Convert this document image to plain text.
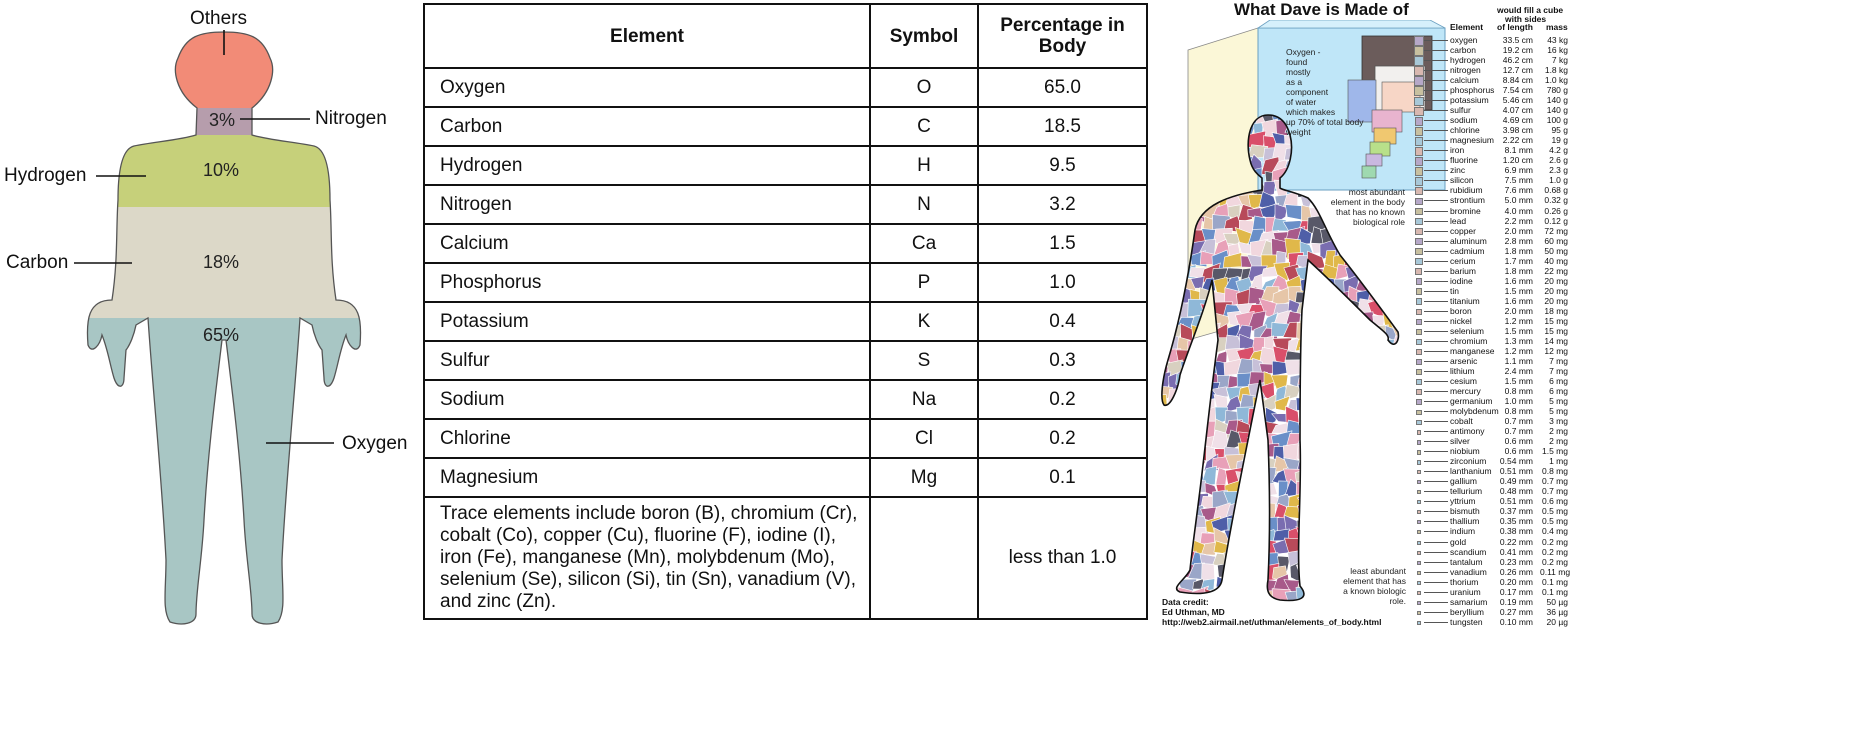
Others
Nitrogen
Hydrogen
Carbon
Oxygen
3%
10%
18%
65%
Element	Symbol	Percentage in Body
Oxygen	O	65.0
Carbon	C	18.5
Hydrogen	H	9.5
Nitrogen	N	3.2
Calcium	Ca	1.5
Phosphorus	P	1.0
Potassium	K	0.4
Sulfur	S	0.3
Sodium	Na	0.2
Chlorine	Cl	0.2
Magnesium	Mg	0.1
Trace elements include boron (B), chromium (Cr), cobalt (Co), copper (Cu), fluorine (F), iodine (I), iron (Fe), manganese (Mn), molybdenum (Mo), selenium (Se), silicon (Si), tin (Sn), vanadium (V), and zinc (Zn).		less than 1.0
What Dave is Made of	would fill a cube
with sides
Element of length mass
oxygen	33.5 cm	43 kg
carbon	19.2 cm	16 kg
hydrogen	46.2 cm	7 kg
nitrogen	12.7 cm	1.8 kg
calcium	8.84 cm	1.0 kg
phosphorus 7.54 cm	780 g
potassium	5.46 cm	140 g
sulfur	4.07 cm	140 g
sodium	4.69 cm	100 g
chlorine	3.98 cm	95 g
magnesium	2.22 cm	19 g
iron	8.1 mm	4.2 g
fluorine	1.20 cm	2.6 g
zinc	6.9 mm	2.3 g
silicon	7.5 mm	1.0 g
rubidium	7.6 mm	0.68 g
strontium	5.0 mm	0.32 g
bromine	4.0 mm	0.26 g
lead	2.2 mm	0.12 g
copper	2.0 mm	72 mg
aluminum	2.8 mm	60 mg
cadmium	1.8 mm	50 mg
cerium	1.7 mm	40 mg
barium	1.8 mm	22 mg
iodine	1.6 mm	20 mg
tin	1.5 mm	20 mg
titanium	1.6 mm	20 mg
boron	2.0 mm	18 mg
nickel	1.2 mm	15 mg
selenium	1.5 mm	15 mg
chromium	1.3 mm	14 mg
manganese	1.2 mm	12 mg
arsenic	1.1 mm	7 mg
lithium	2.4 mm	7 mg
cesium	1.5 mm	6 mg
mercury	0.8 mm	6 mg
germanium	1.0 mm	5 mg
molybdenum 0.8 mm	5 mg
cobalt	0.7 mm	3 mg
antimony	0.7 mm	2 mg
silver	0.6 mm	2 mg
niobium	0.6 mm 1.5 mg
zirconium	0.54 mm	1 mg
lanthanium 0.51 mm 0.8 mg
gallium	0.49 mm 0.7 mg
tellurium	0.48 mm 0.7 mg
yttrium	0.51 mm 0.6 mg
bismuth	0.37 mm 0.5 mg
thallium	0.35 mm 0.5 mg
indium	0.38 mm 0.4 mg
gold	0.22 mm 0.2 mg
scandium	0.41 mm 0.2 mg
tantalum	0.23 mm 0.2 mg
vanadium	0.26 mm 0.11 mg
thorium	0.20 mm 0.1 mg
uranium	0.17 mm 0.1 mg
samarium	0.19 mm	50 µg
beryllium	0.27 mm	36 µg
tungsten	0.10 mm	20 µg
Oxygen -
found
mostly
as a
component
of water
which makes
up 70% of total body
weight
most abundant
element in the body
that has no known
biological role
least abundant
element that has
a known biologic
role.
Data credit:
Ed Uthman, MD
http://web2.airmail.net/uthman/elements_of_body.html
